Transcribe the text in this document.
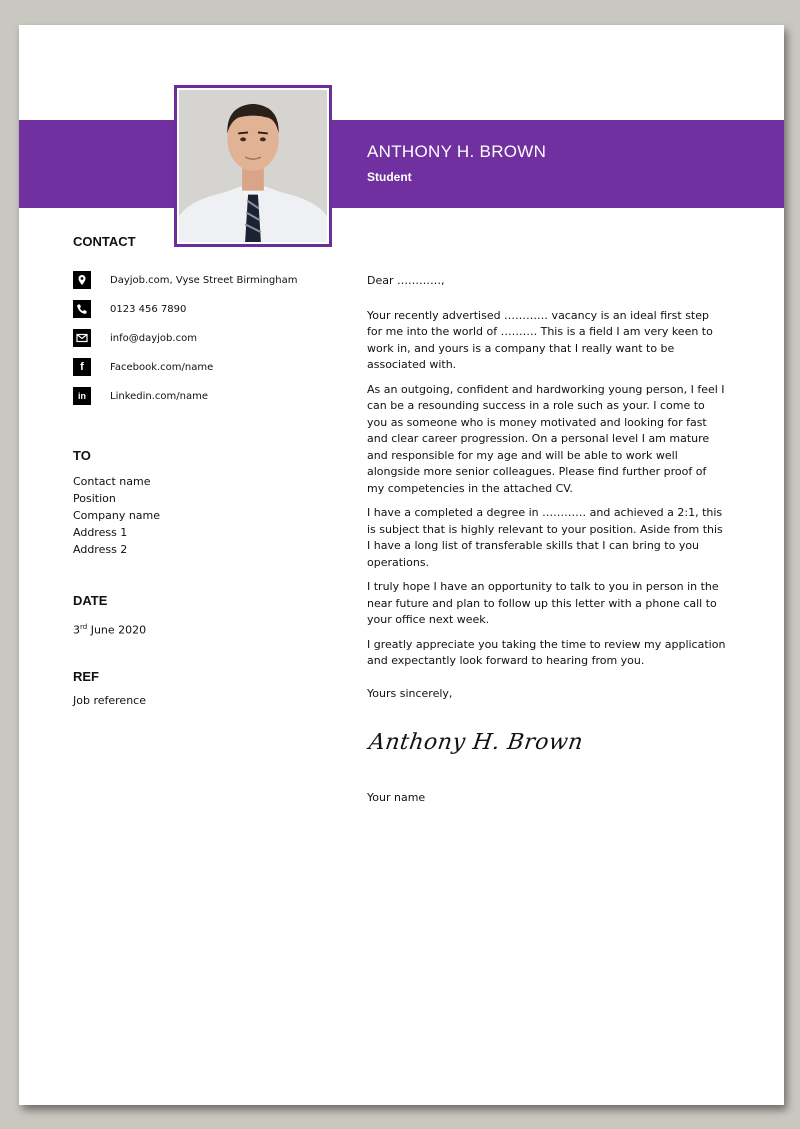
ANTHONY H. BROWN
Student
CONTACT
Dayjob.com, Vyse Street Birmingham
0123 456 7890
info@dayjob.com
f	Facebook.com/name
in	Linkedin.com/name
TO
Contact name
Position
Company name
Address 1
Address 2
DATE
3rd June 2020
REF
Job reference

Dear …………,

Your recently advertised ………… vacancy is an ideal first step for me into the world of ………. This is a field I am very keen to work in, and yours is a company that I really want to be associated with.

As an outgoing, confident and hardworking young person, I feel I can be a resounding success in a role such as your. I come to you as someone who is money motivated and looking for fast and clear career progression. On a personal level I am mature and responsible for my age and will be able to work well alongside more senior colleagues. Please find further proof of my competencies in the attached CV.

I have a completed a degree in ………… and achieved a 2:1, this is subject that is highly relevant to your position. Aside from this I have a long list of transferable skills that I can bring to you operations.

I truly hope I have an opportunity to talk to you in person in the near future and plan to follow up this letter with a phone call to your office next week.

I greatly appreciate you taking the time to review my application and expectantly look forward to hearing from you.

Yours sincerely,

Anthony H. Brown
Your name
